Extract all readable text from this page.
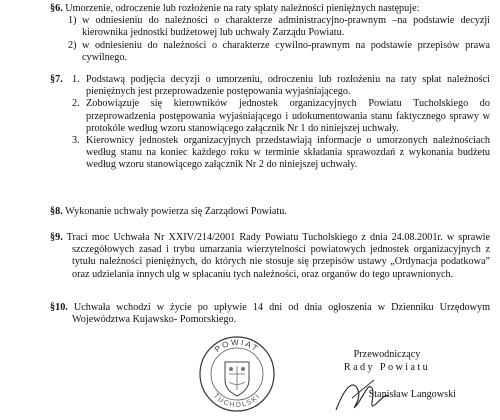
§6. Umorzenie, odroczenie lub rozłożenie na raty spłaty należności pieniężnych następuje:

1) w odniesieniu do należności o charakterze administracyjno-prawnym –na podstawie decyzji kierownika jednostki budżetowej lub uchwały Zarządu Powiatu.
2) w odniesieniu do należności o charakterze cywilno-prawnym na podstawie przepisów prawa cywilnego.
§7. 1. Podstawą podjęcia decyzji o umorzeniu, odroczeniu lub rozłożeniu na raty spłat należności pieniężnych jest przeprowadzenie postępowania wyjaśniającego.
2. Zobowiązuje się kierowników jednostek organizacyjnych Powiatu Tucholskiego do przeprowadzenia postępowania wyjaśniającego i udokumentowania stanu faktycznego sprawy w protokóle według wzoru stanowiącego załącznik Nr 1 do niniejszej uchwały.
3. Kierownicy jednostek organizacyjnych przedstawiają informacje o umorzonych należnościach według stanu na koniec każdego roku w terminie składania sprawozdań z wykonania budżetu według wzoru stanowiącego załącznik Nr 2 do niniejszej uchwały.

§8. Wykonanie uchwały powierza się Zarządowi Powiatu.

§9. Traci moc Uchwała Nr XXIV/214/2001 Rady Powiatu Tucholskiego z dnia 24.08.2001r. w sprawie szczegółowych zasad i trybu umarzania wierzytelności powiatowych jednostek organizacyjnych z tytułu należności pieniężnych, do których nie stosuje się przepisów ustawy „Ordynacja podatkowa” oraz udzielania innych ulg w spłacaniu tych należności, oraz organów do tego uprawnionych.

§10. Uchwała wchodzi w życie po upływie 14 dni od dnia ogłoszenia w Dzienniku Urzędowym Województwa Kujawsko- Pomorskiego.

POWIAT
TUCHOLSKI
Przewodniczący
Rady Powiatu
Stanisław Langowski
